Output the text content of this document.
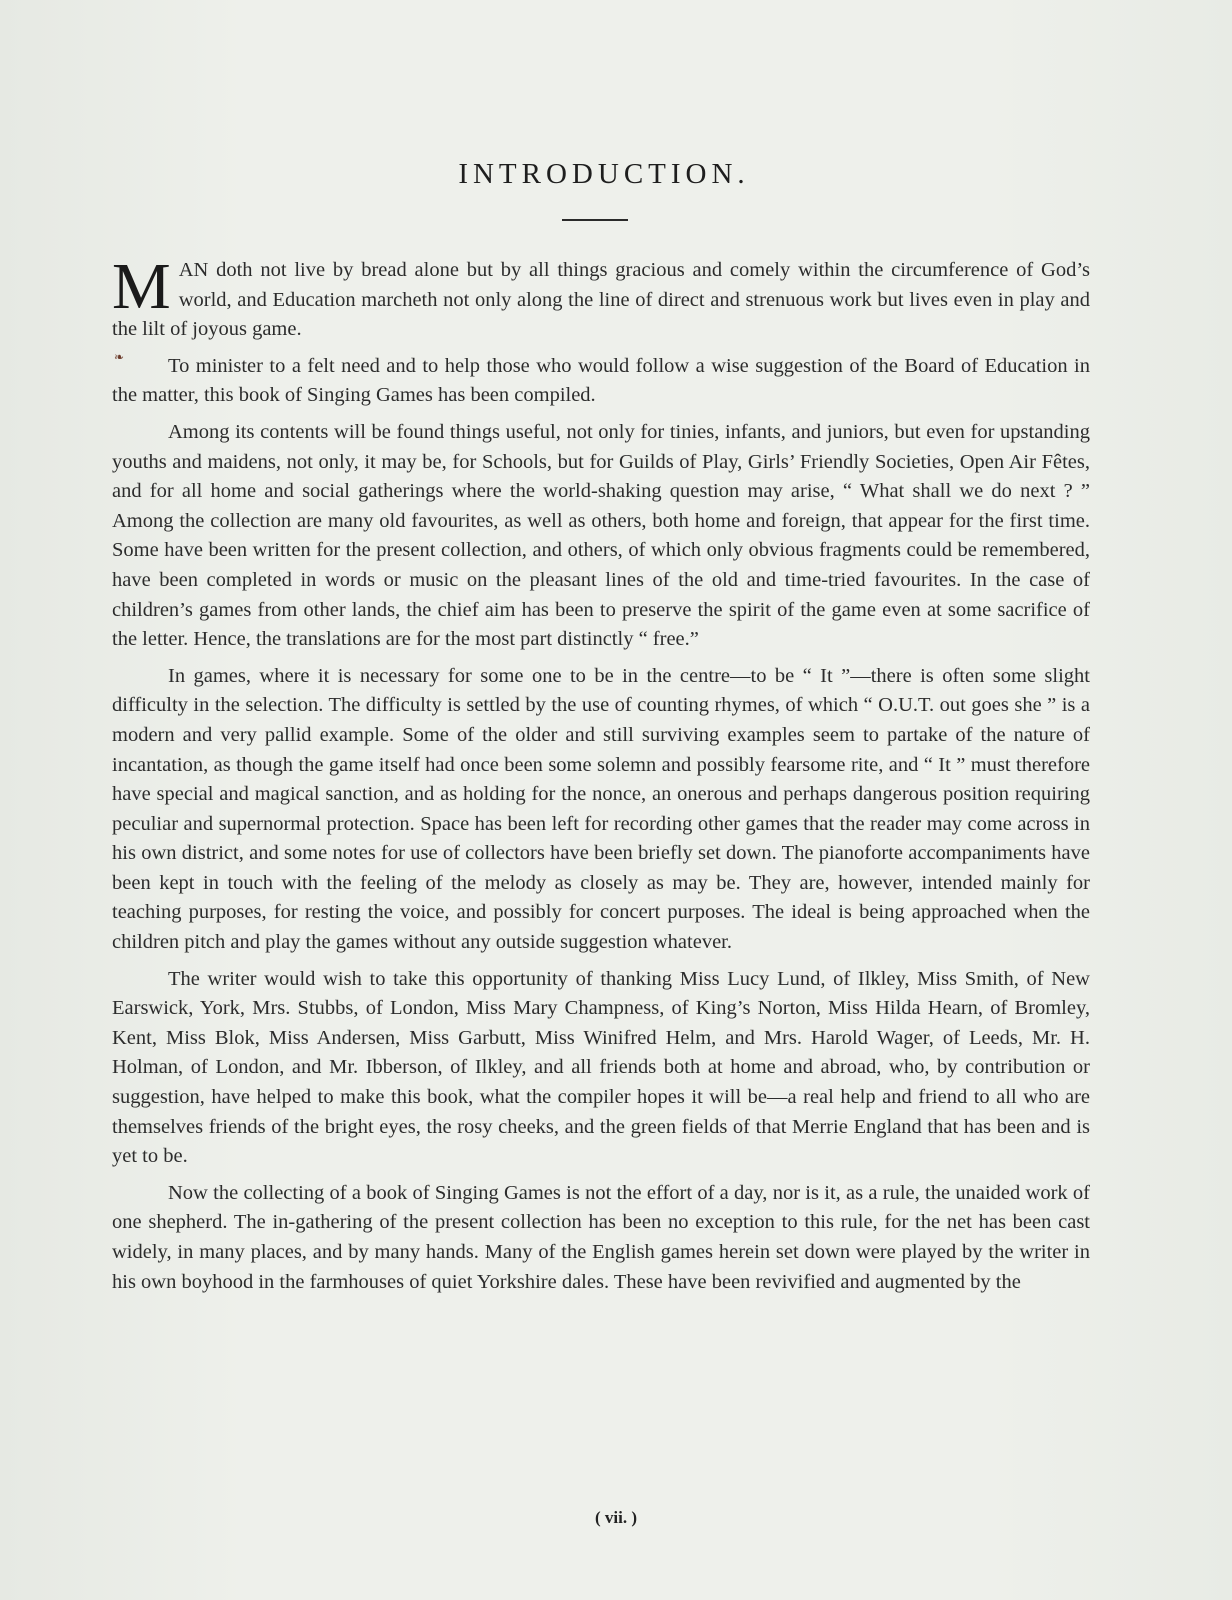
INTRODUCTION.
❧

MAN doth not live by bread alone but by all things gracious and comely within the circumference of God’s world, and Education marcheth not only along the line of direct and strenuous work but lives even in play and the lilt of joyous game.

To minister to a felt need and to help those who would follow a wise suggestion of the Board of Education in the matter, this book of Singing Games has been compiled.

Among its contents will be found things useful, not only for tinies, infants, and juniors, but even for upstanding youths and maidens, not only, it may be, for Schools, but for Guilds of Play, Girls’ Friendly Societies, Open Air Fêtes, and for all home and social gatherings where the world-shaking question may arise, “ What shall we do next ? ” Among the collection are many old favourites, as well as others, both home and foreign, that appear for the first time. Some have been written for the present collection, and others, of which only obvious fragments could be remembered, have been completed in words or music on the pleasant lines of the old and time-tried favourites. In the case of children’s games from other lands, the chief aim has been to preserve the spirit of the game even at some sacrifice of the letter. Hence, the translations are for the most part distinctly “ free.”

In games, where it is necessary for some one to be in the centre—to be “ It ”—there is often some slight difficulty in the selection. The difficulty is settled by the use of counting rhymes, of which “ O.U.T. out goes she ” is a modern and very pallid example. Some of the older and still surviving examples seem to partake of the nature of incantation, as though the game itself had once been some solemn and possibly fearsome rite, and “ It ” must therefore have special and magical sanction, and as holding for the nonce, an onerous and perhaps dangerous position requiring peculiar and supernormal protection. Space has been left for recording other games that the reader may come across in his own district, and some notes for use of collectors have been briefly set down. The pianoforte accompaniments have been kept in touch with the feeling of the melody as closely as may be. They are, however, intended mainly for teaching purposes, for resting the voice, and possibly for concert purposes. The ideal is being approached when the children pitch and play the games without any outside suggestion whatever.

The writer would wish to take this opportunity of thanking Miss Lucy Lund, of Ilkley, Miss Smith, of New Earswick, York, Mrs. Stubbs, of London, Miss Mary Champness, of King’s Norton, Miss Hilda Hearn, of Bromley, Kent, Miss Blok, Miss Andersen, Miss Garbutt, Miss Winifred Helm, and Mrs. Harold Wager, of Leeds, Mr. H. Holman, of London, and Mr. Ibberson, of Ilkley, and all friends both at home and abroad, who, by contribution or suggestion, have helped to make this book, what the compiler hopes it will be—a real help and friend to all who are themselves friends of the bright eyes, the rosy cheeks, and the green fields of that Merrie England that has been and is yet to be.

Now the collecting of a book of Singing Games is not the effort of a day, nor is it, as a rule, the unaided work of one shepherd. The in-gathering of the present collection has been no exception to this rule, for the net has been cast widely, in many places, and by many hands. Many of the English games herein set down were played by the writer in his own boyhood in the farmhouses of quiet Yorkshire dales. These have been revivified and augmented by the

( vii. )
